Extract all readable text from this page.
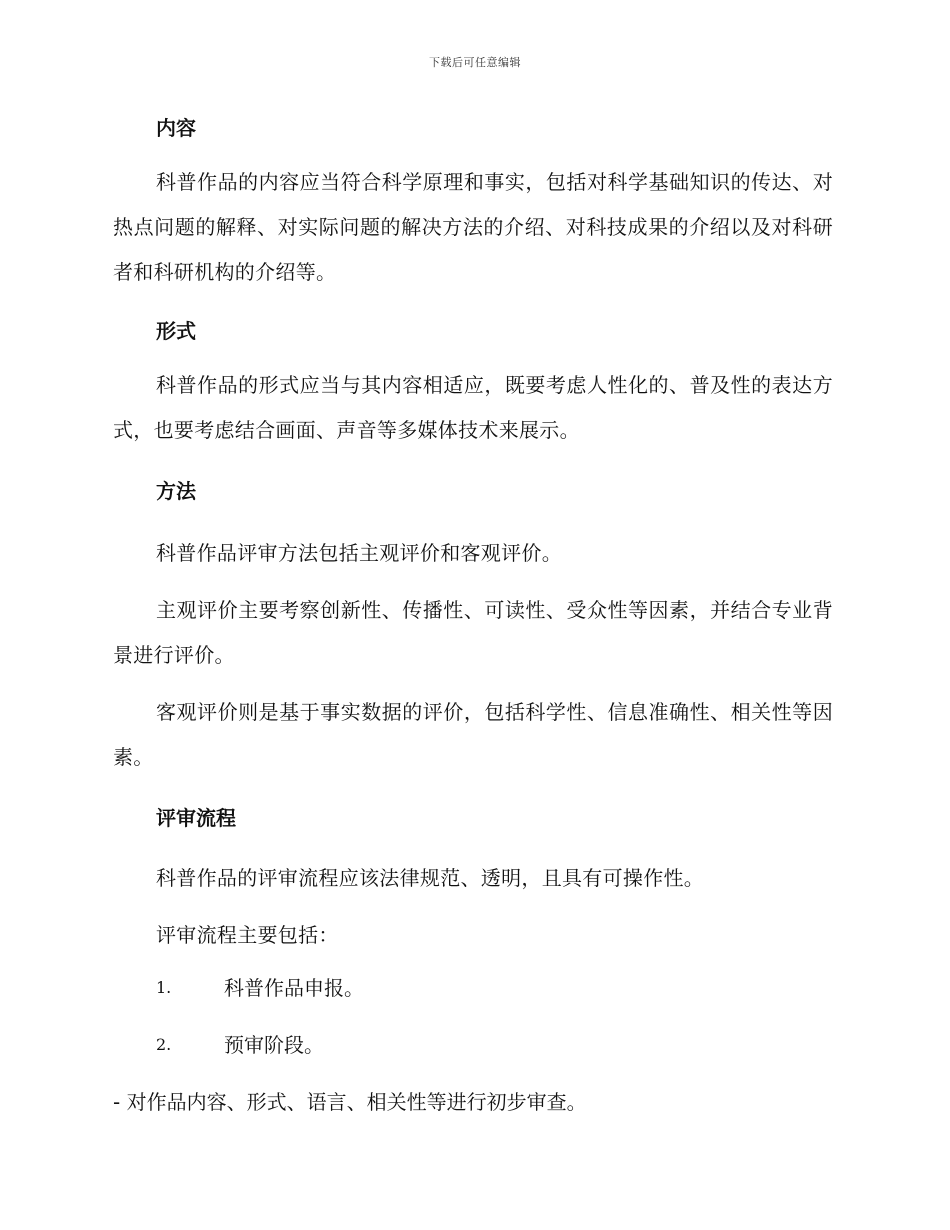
下载后可任意编辑
内容

科普作品的内容应当符合科学原理和事实，包括对科学基础知识的传达、对热点问题的解释、对实际问题的解决方法的介绍、对科技成果的介绍以及对科研者和科研机构的介绍等。

形式

科普作品的形式应当与其内容相适应，既要考虑人性化的、普及性的表达方式，也要考虑结合画面、声音等多媒体技术来展示。

方法

科普作品评审方法包括主观评价和客观评价。

主观评价主要考察创新性、传播性、可读性、受众性等因素，并结合专业背景进行评价。

客观评价则是基于事实数据的评价，包括科学性、信息准确性、相关性等因素。

评审流程

科普作品的评审流程应该法律规范、透明，且具有可操作性。

评审流程主要包括：

1.	科普作品申报。
2.	预审阶段。

- 对作品内容、形式、语言、相关性等进行初步审查。
